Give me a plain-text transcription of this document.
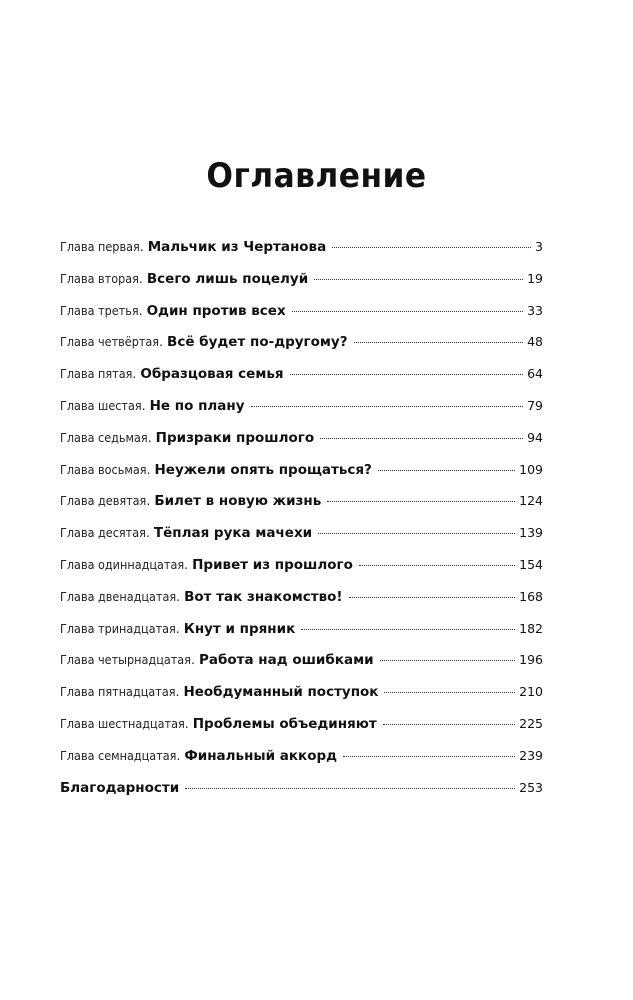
Оглавление
Глава первая . Мальчик из Чертанова	3
Глава вторая . Всего лишь поцелуй	19
Глава третья . Один против всех	33
Глава четвёртая . Всё будет по-другому?	48
Глава пятая . Образцовая семья	64
Глава шестая . Не по плану	79
Глава седьмая . Призраки прошлого	94
Глава восьмая . Неужели опять прощаться?	109
Глава девятая . Билет в новую жизнь	124
Глава десятая . Тёплая рука мачехи	139
Глава одиннадцатая . Привет из прошлого	154
Глава двенадцатая . Вот так знакомство!	168
Глава тринадцатая . Кнут и пряник	182
Глава четырнадцатая . Работа над ошибками	196
Глава пятнадцатая . Необдуманный поступок	210
Глава шестнадцатая . Проблемы объединяют	225
Глава семнадцатая . Финальный аккорд	239
Благодарности	253
